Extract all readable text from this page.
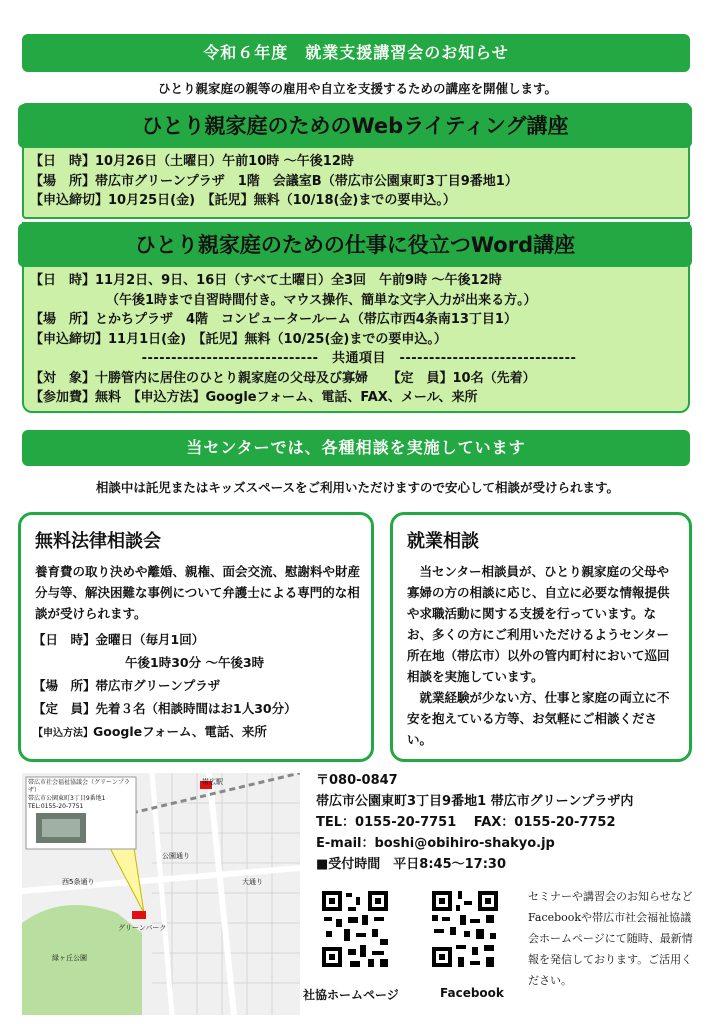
令和６年度　就業支援講習会のお知らせ
ひとり親家庭の親等の雇用や自立を支援するための講座を開催します。
ひとり親家庭のためのWebライティング講座
【日　時】10月26日（土曜日）午前10時 ～午後12時
【場　所】帯広市グリーンプラザ　1階　会議室B（帯広市公園東町3丁目9番地1）
【申込締切】10月25日(金)　【託児】無料（10/18(金)までの要申込。）
ひとり親家庭のための仕事に役立つWord講座
【日　時】11月2日、9日、16日（すべて土曜日）全3回　午前9時 ～午後12時
（午後1時まで自習時間付き。マウス操作、簡単な文字入力が出来る方。）
【場　所】とかちプラザ　4階　コンピュータールーム（帯広市西4条南13丁目1）
【申込締切】11月1日(金)　【託児】無料（10/25(金)までの要申込。）
------------------------------　共通項目　------------------------------
【対　象】十勝管内に居住のひとり親家庭の父母及び寡婦　　【定　員】10名（先着）
【参加費】無料　【申込方法】Googleフォーム、電話、FAX、メール、来所
当センターでは、各種相談を実施しています
相談中は託児またはキッズスペースをご利用いただけますので安心して相談が受けられます。
無料法律相談会
養育費の取り決めや離婚、親権、面会交流、慰謝料や財産分与等、解決困難な事例について弁護士による専門的な相談が受けられます。
【日　時】金曜日（毎月1回）
午後1時30分 ～午後3時
【場　所】帯広市グリーンプラザ
【定　員】先着３名（相談時間はお1人30分）
【申込方法】Googleフォーム、電話、来所
就業相談
　当センター相談員が、ひとり親家庭の父母や寡婦の方の相談に応じ、自立に必要な情報提供や求職活動に関する支援を行っています。なお、多くの方にご利用いただけるようセンター所在地（帯広市）以外の管内町村において巡回相談を実施しています。
　就業経験が少ない方、仕事と家庭の両立に不安を抱えている方等、お気軽にご相談ください。
帯広市社会福祉協議会（グリーンプラザ）
帯広市公園東町3丁目9番地1
TEL:0155-20-7751
帯広駅
大通り
西5条通り
公園通り
緑ヶ丘公園
グリーンパーク
〒080-0847
帯広市公園東町3丁目9番地1 帯広市グリーンプラザ内
TEL：0155-20-7751　 FAX：0155-20-7752
E-mail：boshi@obihiro-shakyo.jp
■受付時間　平日8:45～17:30
社協ホームページ	Facebook
セミナーや講習会のお知らせなどFacebookや帯広市社会福祉協議会ホームページにて随時、最新情報を発信しております。ご活用ください。
